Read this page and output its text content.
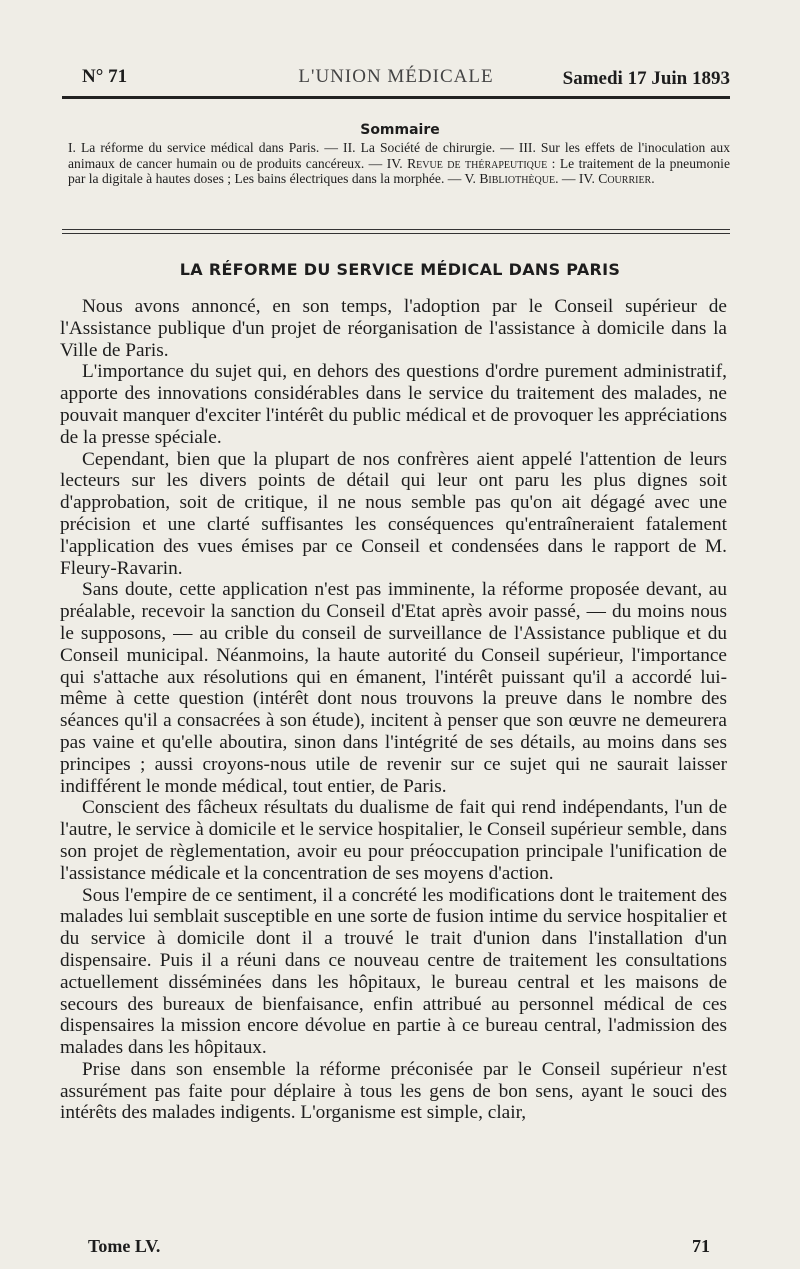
N° 71	L'UNION MÉDICALE	Samedi 17 Juin 1893
Sommaire
I. La réforme du service médical dans Paris. — II. La Société de chirurgie. — III. Sur les effets de l'inoculation aux animaux de cancer humain ou de produits cancéreux. — IV. Revue de thérapeutique : Le traitement de la pneumonie par la digitale à hautes doses ; Les bains électriques dans la morphée. — V. Bibliothèque. — IV. Courrier.
LA RÉFORME DU SERVICE MÉDICAL DANS PARIS

Nous avons annoncé, en son temps, l'adoption par le Conseil supérieur de l'Assistance publique d'un projet de réorganisation de l'assistance à domicile dans la Ville de Paris.

L'importance du sujet qui, en dehors des questions d'ordre purement administratif, apporte des innovations considérables dans le service du traitement des malades, ne pouvait manquer d'exciter l'intérêt du public médical et de provoquer les appréciations de la presse spéciale.

Cependant, bien que la plupart de nos confrères aient appelé l'attention de leurs lecteurs sur les divers points de détail qui leur ont paru les plus dignes soit d'approbation, soit de critique, il ne nous semble pas qu'on ait dégagé avec une précision et une clarté suffisantes les conséquences qu'entraîneraient fatalement l'application des vues émises par ce Conseil et condensées dans le rapport de M. Fleury-Ravarin.

Sans doute, cette application n'est pas imminente, la réforme proposée devant, au préalable, recevoir la sanction du Conseil d'Etat après avoir passé, — du moins nous le supposons, — au crible du conseil de surveillance de l'Assistance publique et du Conseil municipal. Néanmoins, la haute autorité du Conseil supérieur, l'importance qui s'attache aux résolutions qui en émanent, l'intérêt puissant qu'il a accordé lui-même à cette question (intérêt dont nous trouvons la preuve dans le nombre des séances qu'il a consacrées à son étude), incitent à penser que son œuvre ne demeurera pas vaine et qu'elle aboutira, sinon dans l'intégrité de ses détails, au moins dans ses principes ; aussi croyons-nous utile de revenir sur ce sujet qui ne saurait laisser indifférent le monde médical, tout entier, de Paris.

Conscient des fâcheux résultats du dualisme de fait qui rend indépendants, l'un de l'autre, le service à domicile et le service hospitalier, le Conseil supérieur semble, dans son projet de règlementation, avoir eu pour préoccupation principale l'unification de l'assistance médicale et la concentration de ses moyens d'action.

Sous l'empire de ce sentiment, il a concrété les modifications dont le traitement des malades lui semblait susceptible en une sorte de fusion intime du service hospitalier et du service à domicile dont il a trouvé le trait d'union dans l'installation d'un dispensaire. Puis il a réuni dans ce nouveau centre de traitement les consultations actuellement disséminées dans les hôpitaux, le bureau central et les maisons de secours des bureaux de bienfaisance, enfin attribué au personnel médical de ces dispensaires la mission encore dévolue en partie à ce bureau central, l'admission des malades dans les hôpitaux.

Prise dans son ensemble la réforme préconisée par le Conseil supérieur n'est assurément pas faite pour déplaire à tous les gens de bon sens, ayant le souci des intérêts des malades indigents. L'organisme est simple, clair,

Tome LV.	71
